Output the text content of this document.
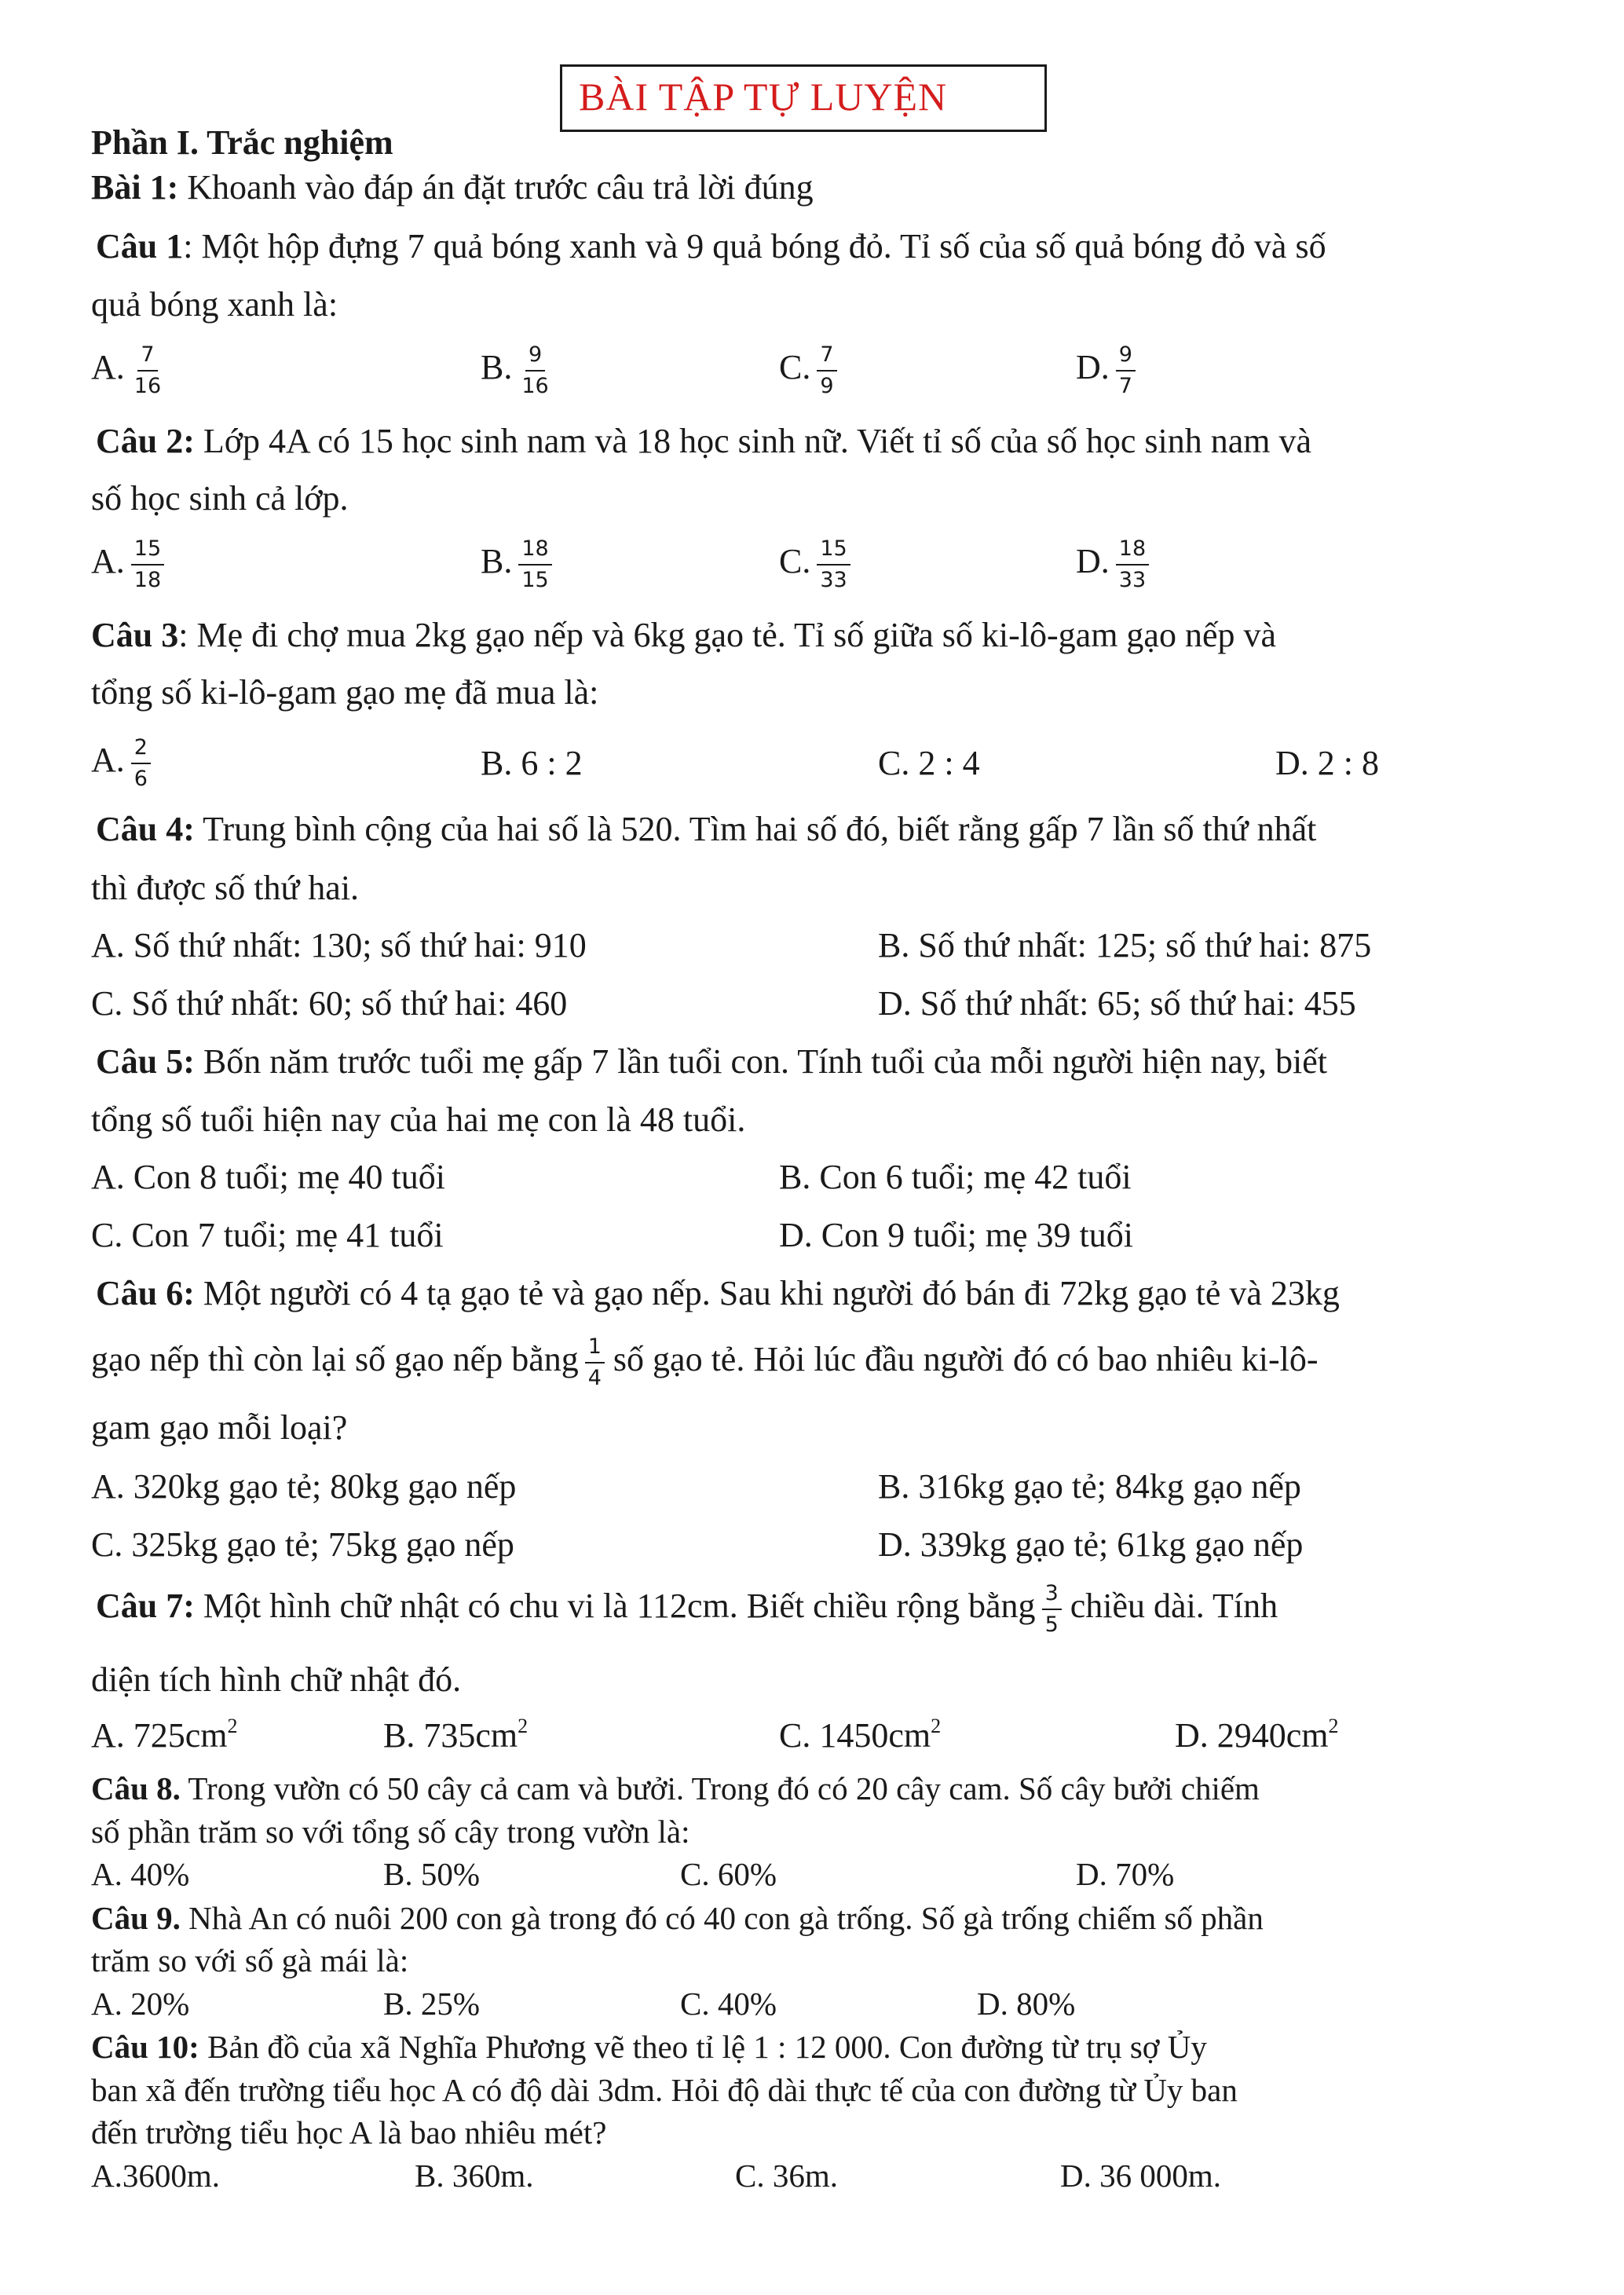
BÀI TẬP TỰ LUYỆN
Phần I. Trắc nghiệm
Bài 1: Khoanh vào đáp án đặt trước câu trả lời đúng
Câu 1: Một hộp đựng 7 quả bóng xanh và 9 quả bóng đỏ. Tỉ số của số quả bóng đỏ và số
quả bóng xanh là:
A. $\frac{7}{16}$	B. $\frac{9}{16}$	C. $\frac{7}{9}$	D. $\frac{9}{7}$
Câu 2: Lớp 4A có 15 học sinh nam và 18 học sinh nữ. Viết tỉ số của số học sinh nam và
số học sinh cả lớp.
A. $\frac{15}{18}$	B. $\frac{18}{15}$	C. $\frac{15}{33}$	D. $\frac{18}{33}$
Câu 3: Mẹ đi chợ mua 2kg gạo nếp và 6kg gạo tẻ. Tỉ số giữa số ki-lô-gam gạo nếp và
tổng số ki-lô-gam gạo mẹ đã mua là:
A. $\frac{2}{6}$	B. 6 : 2	C. 2 : 4	D. 2 : 8
Câu 4: Trung bình cộng của hai số là 520. Tìm hai số đó, biết rằng gấp 7 lần số thứ nhất
thì được số thứ hai.
A. Số thứ nhất: 130; số thứ hai: 910	B. Số thứ nhất: 125; số thứ hai: 875
C. Số thứ nhất: 60; số thứ hai: 460	D. Số thứ nhất: 65; số thứ hai: 455
Câu 5: Bốn năm trước tuổi mẹ gấp 7 lần tuổi con. Tính tuổi của mỗi người hiện nay, biết
tổng số tuổi hiện nay của hai mẹ con là 48 tuổi.
A. Con 8 tuổi; mẹ 40 tuổi	B. Con 6 tuổi; mẹ 42 tuổi
C. Con 7 tuổi; mẹ 41 tuổi	D. Con 9 tuổi; mẹ 39 tuổi
Câu 6: Một người có 4 tạ gạo tẻ và gạo nếp. Sau khi người đó bán đi 72kg gạo tẻ và 23kg
gạo nếp thì còn lại số gạo nếp bằng $\frac{1}{4}$ số gạo tẻ. Hỏi lúc đầu người đó có bao nhiêu ki-lô-
gam gạo mỗi loại?
A. 320kg gạo tẻ; 80kg gạo nếp	B. 316kg gạo tẻ; 84kg gạo nếp
C. 325kg gạo tẻ; 75kg gạo nếp	D. 339kg gạo tẻ; 61kg gạo nếp
Câu 7: Một hình chữ nhật có chu vi là 112cm. Biết chiều rộng bằng $\frac{3}{5}$ chiều dài. Tính
diện tích hình chữ nhật đó.
A. $725cm^2$	B. $735cm^2$	C. $1450cm^2$	D. $2940cm^2$
Câu 8. Trong vườn có 50 cây cả cam và bưởi. Trong đó có 20 cây cam. Số cây bưởi chiếm
số phần trăm so với tổng số cây trong vườn là:
A. 40%	B. 50%	C. 60%	D. 70%
Câu 9. Nhà An có nuôi 200 con gà trong đó có 40 con gà trống. Số gà trống chiếm số phần
trăm so với số gà mái là:
A. 20%	B. 25%	C. 40%	D. 80%
Câu 10: Bản đồ của xã Nghĩa Phương vẽ theo tỉ lệ 1 : 12 000. Con đường từ trụ sợ Ủy
ban xã đến trường tiểu học A có độ dài 3dm. Hỏi độ dài thực tế của con đường từ Ủy ban
đến trường tiểu học A là bao nhiêu mét?
A.3600m.	B. 360m.	C. 36m.	D. 36 000m.
